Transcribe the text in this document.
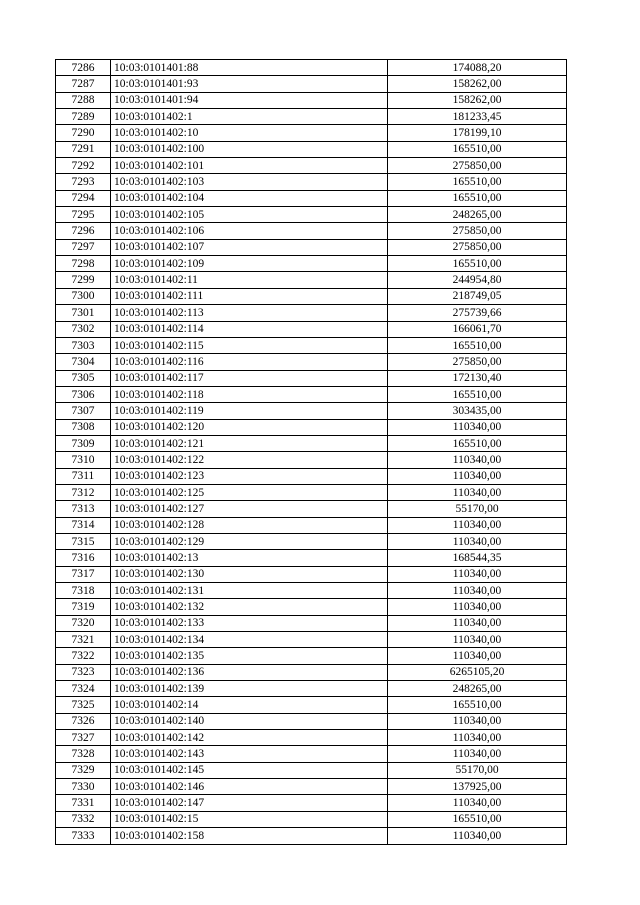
7286	10:03:0101401:88	174088,20
7287	10:03:0101401:93	158262,00
7288	10:03:0101401:94	158262,00
7289	10:03:0101402:1	181233,45
7290	10:03:0101402:10	178199,10
7291	10:03:0101402:100	165510,00
7292	10:03:0101402:101	275850,00
7293	10:03:0101402:103	165510,00
7294	10:03:0101402:104	165510,00
7295	10:03:0101402:105	248265,00
7296	10:03:0101402:106	275850,00
7297	10:03:0101402:107	275850,00
7298	10:03:0101402:109	165510,00
7299	10:03:0101402:11	244954,80
7300	10:03:0101402:111	218749,05
7301	10:03:0101402:113	275739,66
7302	10:03:0101402:114	166061,70
7303	10:03:0101402:115	165510,00
7304	10:03:0101402:116	275850,00
7305	10:03:0101402:117	172130,40
7306	10:03:0101402:118	165510,00
7307	10:03:0101402:119	303435,00
7308	10:03:0101402:120	110340,00
7309	10:03:0101402:121	165510,00
7310	10:03:0101402:122	110340,00
7311	10:03:0101402:123	110340,00
7312	10:03:0101402:125	110340,00
7313	10:03:0101402:127	55170,00
7314	10:03:0101402:128	110340,00
7315	10:03:0101402:129	110340,00
7316	10:03:0101402:13	168544,35
7317	10:03:0101402:130	110340,00
7318	10:03:0101402:131	110340,00
7319	10:03:0101402:132	110340,00
7320	10:03:0101402:133	110340,00
7321	10:03:0101402:134	110340,00
7322	10:03:0101402:135	110340,00
7323	10:03:0101402:136	6265105,20
7324	10:03:0101402:139	248265,00
7325	10:03:0101402:14	165510,00
7326	10:03:0101402:140	110340,00
7327	10:03:0101402:142	110340,00
7328	10:03:0101402:143	110340,00
7329	10:03:0101402:145	55170,00
7330	10:03:0101402:146	137925,00
7331	10:03:0101402:147	110340,00
7332	10:03:0101402:15	165510,00
7333	10:03:0101402:158	110340,00
